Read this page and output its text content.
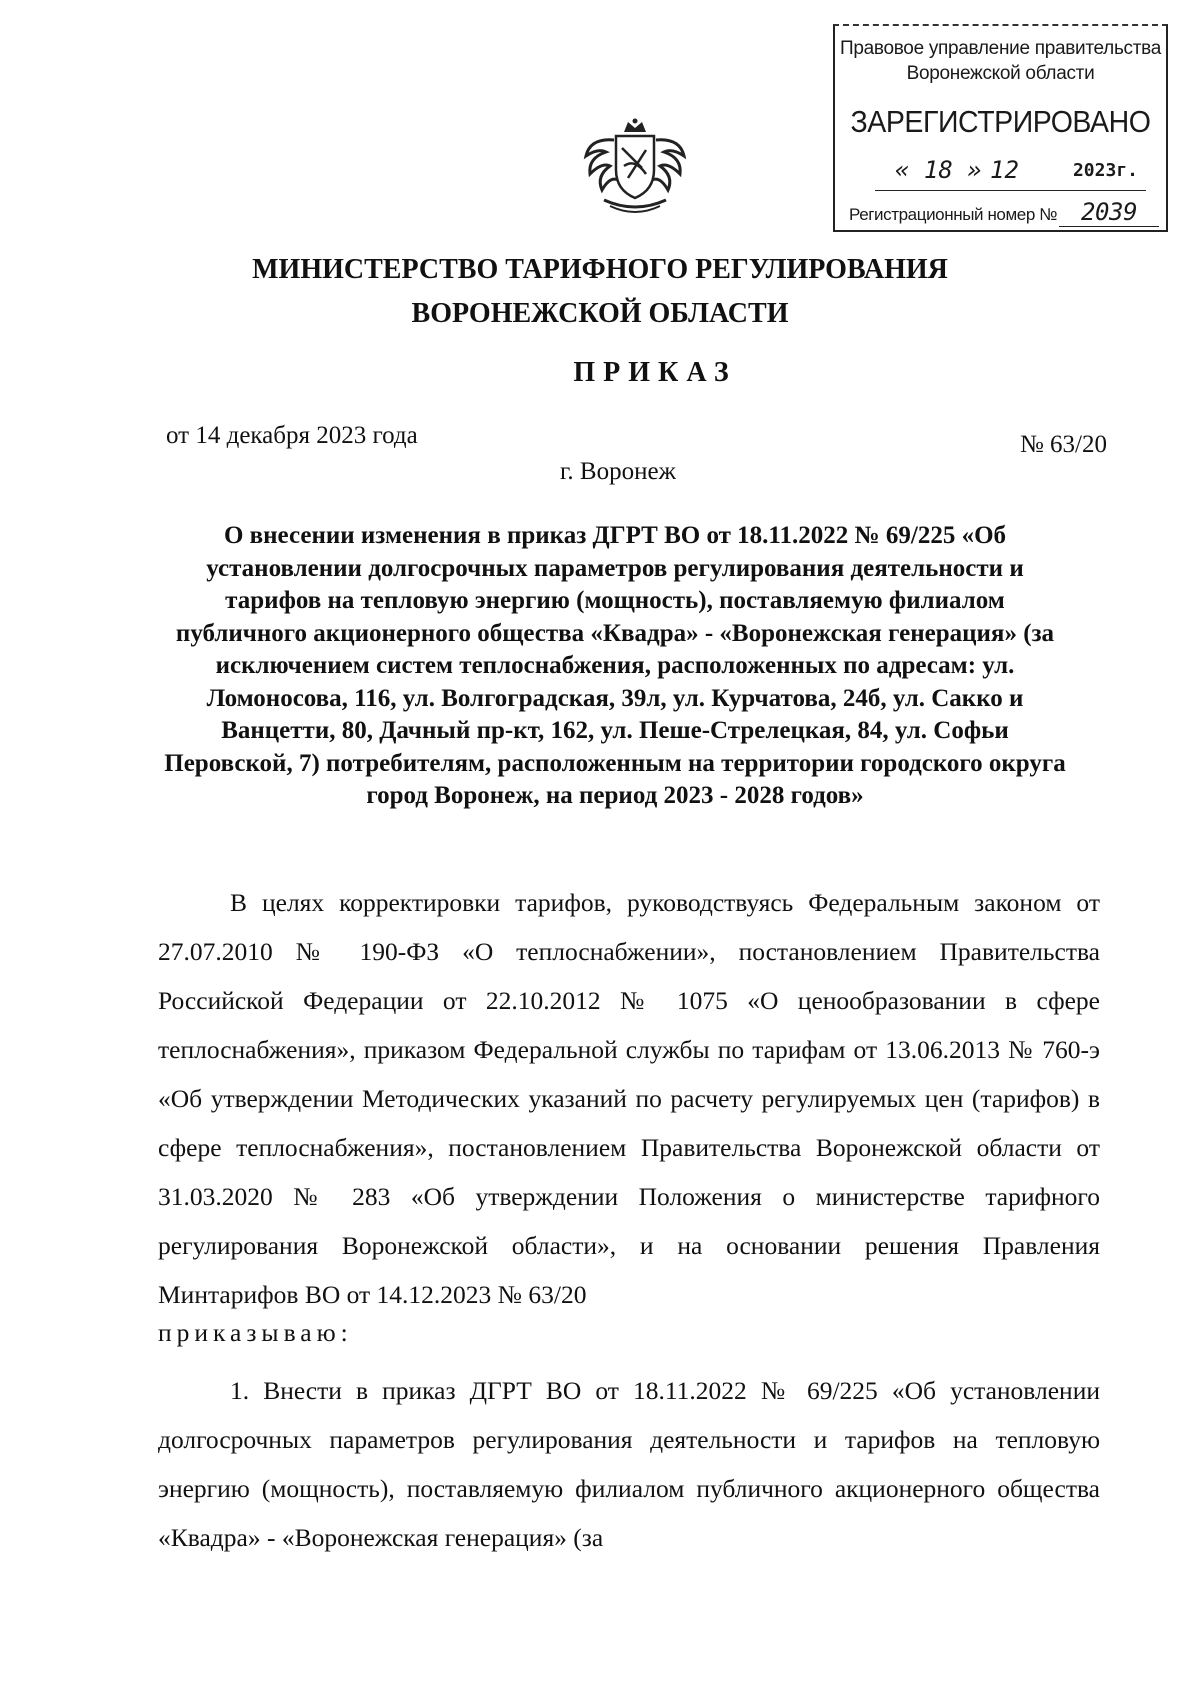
Правовое управление правительства
Воронежской области
ЗАРЕГИСТРИРОВАНО
« 18 » 12	2023г.
Регистрационный номер № 2039
МИНИСТЕРСТВО ТАРИФНОГО РЕГУЛИРОВАНИЯ
ВОРОНЕЖСКОЙ ОБЛАСТИ
ПРИКАЗ
от 14 декабря 2023 года	№ 63/20
г. Воронеж
О внесении изменения в приказ ДГРТ ВО от 18.11.2022 № 69/225 «Об установлении долгосрочных параметров регулирования деятельности и тарифов на тепловую энергию (мощность), поставляемую филиалом публичного акционерного общества «Квадра» - «Воронежская генерация» (за исключением систем теплоснабжения, расположенных по адресам: ул. Ломоносова, 116, ул. Волгоградская, 39л, ул. Курчатова, 24б, ул. Сакко и Ванцетти, 80, Дачный пр-кт, 162, ул. Пеше-Стрелецкая, 84, ул. Софьи Перовской, 7) потребителям, расположенным на территории городского округа город Воронеж, на период 2023 - 2028 годов»
В целях корректировки тарифов, руководствуясь Федеральным законом от 27.07.2010 № 190-ФЗ «О теплоснабжении», постановлением Правительства Российской Федерации от 22.10.2012 № 1075 «О ценообразовании в сфере теплоснабжения», приказом Федеральной службы по тарифам от 13.06.2013 № 760-э «Об утверждении Методических указаний по расчету регулируемых цен (тарифов) в сфере теплоснабжения», постановлением Правительства Воронежской области от 31.03.2020 № 283 «Об утверждении Положения о министерстве тарифного регулирования Воронежской области», и на основании решения Правления Минтарифов ВО от 14.12.2023 № 63/20
приказываю:
1. Внести в приказ ДГРТ ВО от 18.11.2022 № 69/225 «Об установлении долгосрочных параметров регулирования деятельности и тарифов на тепловую энергию (мощность), поставляемую филиалом публичного акционерного общества «Квадра» - «Воронежская генерация» (за
